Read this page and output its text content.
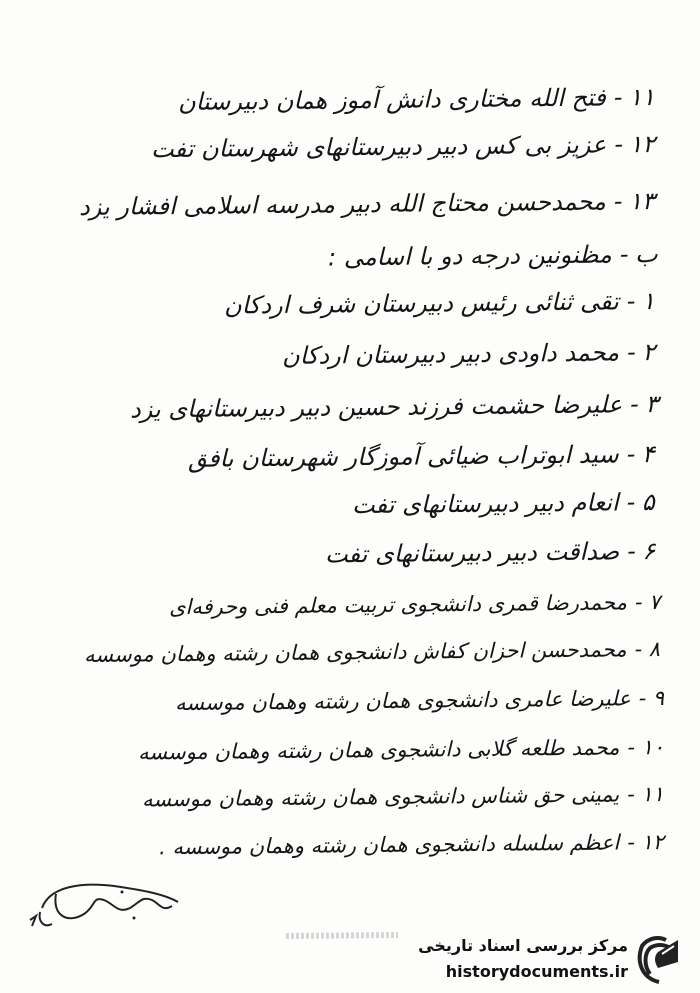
۱۱-فتح الله مختاری دانش آموز همان دبیرستان
۱۲-عزیز بی کس دبیر دبیرستانهای شهرستان تفت
۱۳-محمدحسن محتاج الله دبیر مدرسه اسلامی افشار یزد
ب-مظنونین درجه دو با اسامی :
۱-تقی ثنائی رئیس دبیرستان شرف اردکان
۲-محمد داودی دبیر دبیرستان اردکان
۳-علیرضا حشمت فرزند حسین دبیر دبیرستانهای یزد
۴-سید ابوتراب ضیائی آموزگار شهرستان بافق
۵-انعام دبیر دبیرستانهای تفت
۶-صداقت دبیر دبیرستانهای تفت
۷-محمدرضا قمری دانشجوی تربیت معلم فنی وحرفه‌ای
۸-محمدحسن احزان کفاش دانشجوی همان رشته وهمان موسسه
۹-علیرضا عامری دانشجوی همان رشته وهمان موسسه
۱۰-محمد طلعه گلابی دانشجوی همان رشته وهمان موسسه
۱۱-یمینی حق شناس دانشجوی همان رشته وهمان موسسه
۱۲-اعظم سلسله دانشجوی همان رشته وهمان موسسه .
مرکز بررسی اسناد تاریخی
historydocuments.ir
